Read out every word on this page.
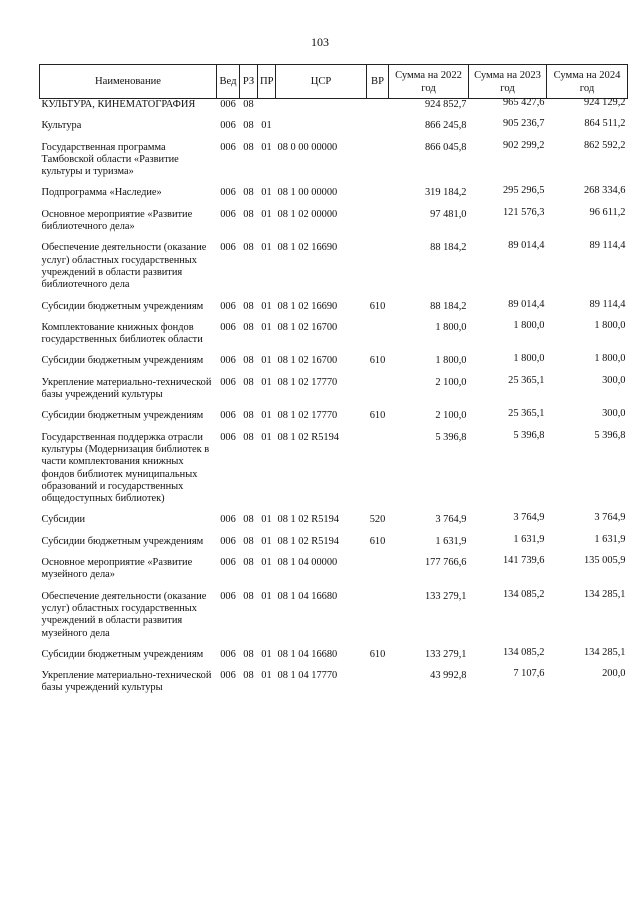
103
Наименование	Вед	РЗ	ПР	ЦСР	ВР	Сумма на 2022 год	Сумма на 2023 год	Сумма на 2024 год
КУЛЬТУРА, КИНЕМАТОГРАФИЯ	006	08				924 852,7	965 427,6	924 129,2
Культура	006	08	01			866 245,8	905 236,7	864 511,2
Государственная программа Тамбовской области «Развитие культуры и туризма»	006	08	01	08 0 00 00000		866 045,8	902 299,2	862 592,2
Подпрограмма «Наследие»	006	08	01	08 1 00 00000		319 184,2	295 296,5	268 334,6
Основное мероприятие «Развитие библиотечного дела»	006	08	01	08 1 02 00000		97 481,0	121 576,3	96 611,2
Обеспечение деятельности (оказание услуг) областных государственных учреждений в области развития библиотечного дела	006	08	01	08 1 02 16690		88 184,2	89 014,4	89 114,4
Субсидии бюджетным учреждениям	006	08	01	08 1 02 16690	610	88 184,2	89 014,4	89 114,4
Комплектование книжных фондов государственных библиотек области	006	08	01	08 1 02 16700		1 800,0	1 800,0	1 800,0
Субсидии бюджетным учреждениям	006	08	01	08 1 02 16700	610	1 800,0	1 800,0	1 800,0
Укрепление материально-технической базы учреждений культуры	006	08	01	08 1 02 17770		2 100,0	25 365,1	300,0
Субсидии бюджетным учреждениям	006	08	01	08 1 02 17770	610	2 100,0	25 365,1	300,0
Государственная поддержка отрасли культуры (Модернизация библиотек в части комплектования книжных фондов библиотек муниципальных образований и государственных общедоступных библиотек)	006	08	01	08 1 02 R5194		5 396,8	5 396,8	5 396,8
Субсидии	006	08	01	08 1 02 R5194	520	3 764,9	3 764,9	3 764,9
Субсидии бюджетным учреждениям	006	08	01	08 1 02 R5194	610	1 631,9	1 631,9	1 631,9
Основное мероприятие «Развитие музейного дела»	006	08	01	08 1 04 00000		177 766,6	141 739,6	135 005,9
Обеспечение деятельности (оказание услуг) областных государственных учреждений в области развития музейного дела	006	08	01	08 1 04 16680		133 279,1	134 085,2	134 285,1
Субсидии бюджетным учреждениям	006	08	01	08 1 04 16680	610	133 279,1	134 085,2	134 285,1
Укрепление материально-технической базы учреждений культуры	006	08	01	08 1 04 17770		43 992,8	7 107,6	200,0
